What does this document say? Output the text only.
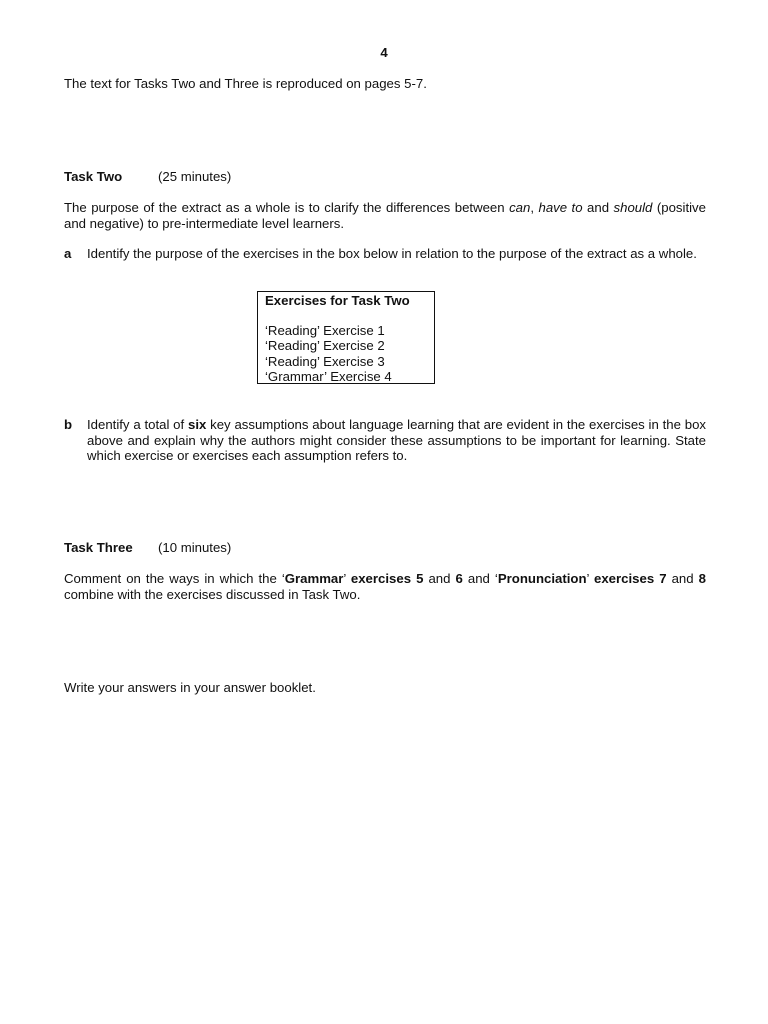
4
The text for Tasks Two and Three is reproduced on pages 5-7.
Task Two	(25 minutes)
The purpose of the extract as a whole is to clarify the differences between can, have to and should (positive and negative) to pre-intermediate level learners.
a Identify the purpose of the exercises in the box below in relation to the purpose of the extract as a whole.
Exercises for Task Two
‘Reading’ Exercise 1
‘Reading’ Exercise 2
‘Reading’ Exercise 3
‘Grammar’ Exercise 4
b Identify a total of six key assumptions about language learning that are evident in the exercises in the box above and explain why the authors might consider these assumptions to be important for learning. State which exercise or exercises each assumption refers to.
Task Three (10 minutes)
Comment on the ways in which the ‘Grammar’ exercises 5 and 6 and ‘Pronunciation’ exercises 7 and 8 combine with the exercises discussed in Task Two.
Write your answers in your answer booklet.
